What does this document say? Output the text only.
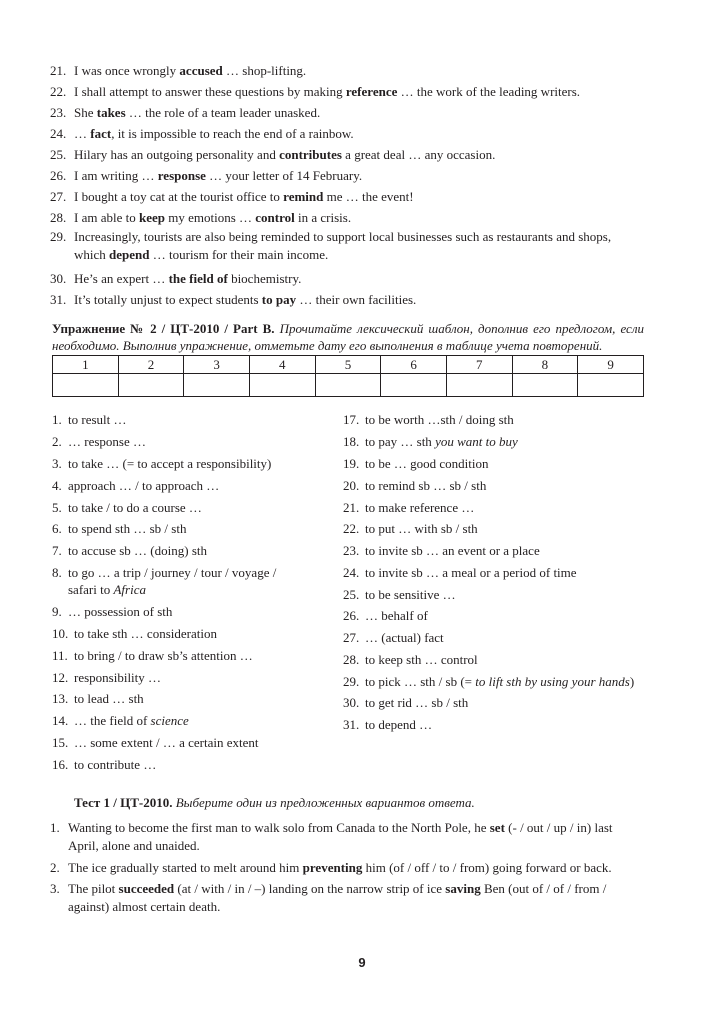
21. I was once wrongly accused … shop-lifting.
22. I shall attempt to answer these questions by making reference … the work of the leading writers.
23. She takes … the role of a team leader unasked.
24. … fact, it is impossible to reach the end of a rainbow.
25. Hilary has an outgoing personality and contributes a great deal … any occasion.
26. I am writing … response … your letter of 14 February.
27. I bought a toy cat at the tourist office to remind me … the event!
28. I am able to keep my emotions … control in a crisis.
29. Increasingly, tourists are also being reminded to support local businesses such as restaurants and shops,
which depend … tourism for their main income.
30. He’s an expert … the field of biochemistry.
31. It’s totally unjust to expect students to pay … their own facilities.
Упражнение № 2 / ЦТ-2010 / Part B. Прочитайте лексический шаблон, дополнив его предлогом, если необходимо. Выполнив упражнение, отметьте дату его выполнения в таблице учета повторений.
1	2	3	4	5	6	7	8	9

1. to result …
2. … response …
3. to take … (= to accept a responsibility)
4. approach … / to approach …
5. to take / to do a course …
6. to spend sth … sb / sth
7. to accuse sb … (doing) sth
8. to go … a trip / journey / tour / voyage /
safari to Africa
9. … possession of sth
10. to take sth … consideration
11. to bring / to draw sb’s attention …
12. responsibility …
13. to lead … sth
14. … the field of science
15. … some extent / … a certain extent
16. to contribute …
17. to be worth …sth / doing sth
18. to pay … sth you want to buy
19. to be … good condition
20. to remind sb … sb / sth
21. to make reference …
22. to put … with sb / sth
23. to invite sb … an event or a place
24. to invite sb … a meal or a period of time
25. to be sensitive …
26. … behalf of
27. … (actual) fact
28. to keep sth … control
29. to pick … sth / sb (= to lift sth by using your hands)
30. to get rid … sb / sth
31. to depend …
Тест 1 / ЦТ-2010. Выберите один из предложенных вариантов ответа.
1. Wanting to become the first man to walk solo from Canada to the North Pole, he set (- / out / up / in) last
April, alone and unaided.
2. The ice gradually started to melt around him preventing him (of / off / to / from) going forward or back.
3. The pilot succeeded (at / with / in / –) landing on the narrow strip of ice saving Ben (out of / of / from /
against) almost certain death.
9
